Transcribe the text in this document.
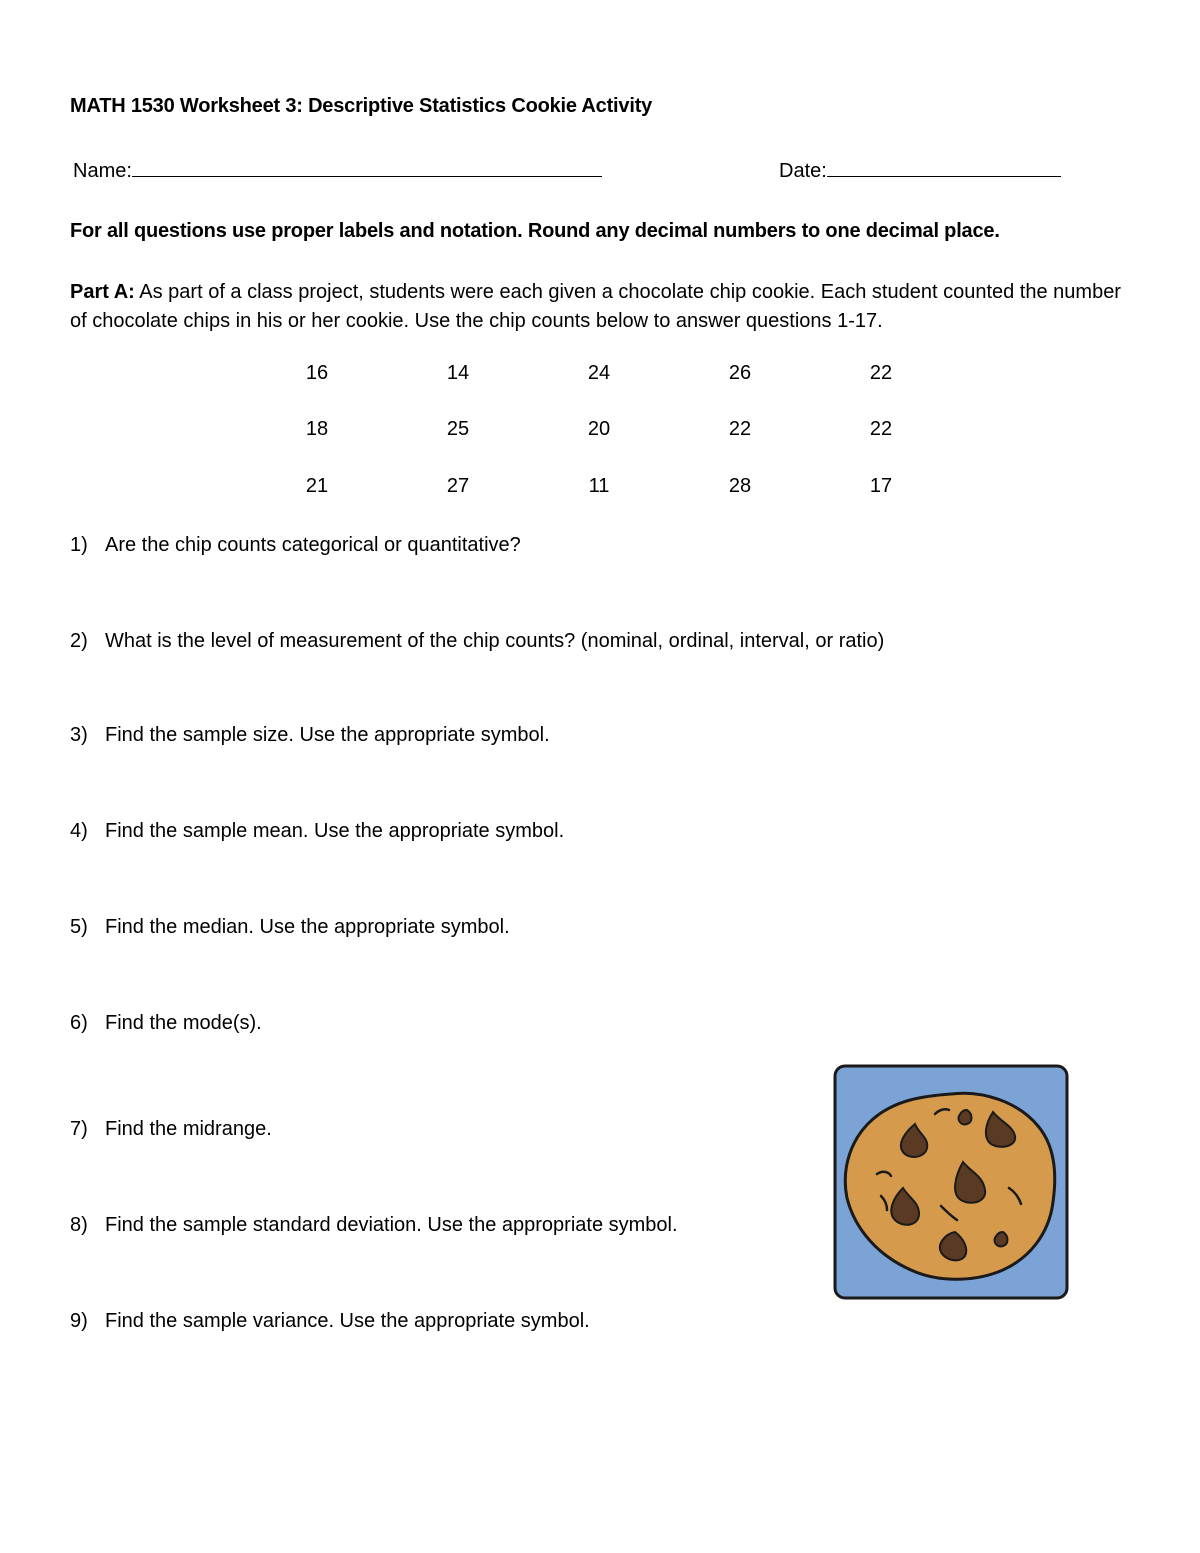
MATH 1530 Worksheet 3: Descriptive Statistics Cookie Activity
Name:	Date:
For all questions use proper labels and notation. Round any decimal numbers to one decimal place.
Part A: As part of a class project, students were each given a chocolate chip cookie. Each student counted the number of chocolate chips in his or her cookie. Use the chip counts below to answer questions 1-17.
16	14	24	26	22
18	25	20	22	22
21	27	11	28	17
1) Are the chip counts categorical or quantitative?
2) What is the level of measurement of the chip counts? (nominal, ordinal, interval, or ratio)
3) Find the sample size. Use the appropriate symbol.
4) Find the sample mean. Use the appropriate symbol.
5) Find the median. Use the appropriate symbol.
6) Find the mode(s).
7) Find the midrange.
8) Find the sample standard deviation. Use the appropriate symbol.
9) Find the sample variance. Use the appropriate symbol.
